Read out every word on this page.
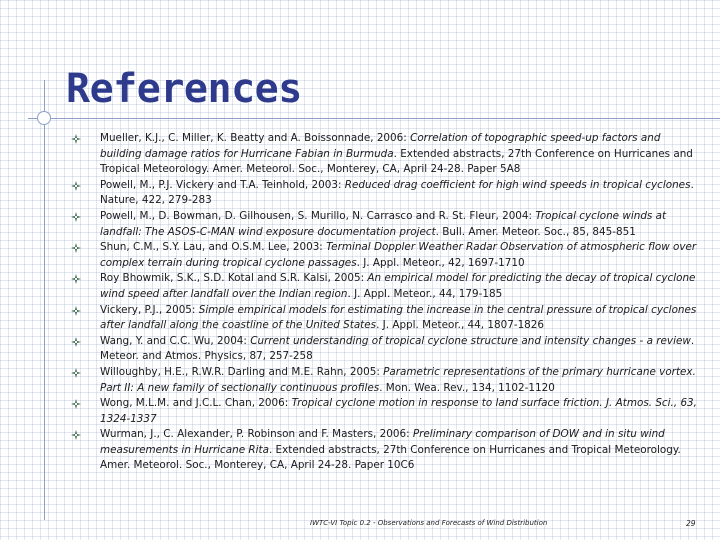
References
Mueller, K.J., C. Miller, K. Beatty and A. Boissonnade, 2006: Correlation of topographic speed-up factors and building damage ratios for Hurricane Fabian in Burmuda. Extended abstracts, 27th Conference on Hurricanes and Tropical Meteorology. Amer. Meteorol. Soc., Monterey, CA, April 24-28. Paper 5A8
Powell, M., P.J. Vickery and T.A. Teinhold, 2003: Reduced drag coefficient for high wind speeds in tropical cyclones. Nature, 422, 279-283
Powell, M., D. Bowman, D. Gilhousen, S. Murillo, N. Carrasco and R. St. Fleur, 2004: Tropical cyclone winds at landfall: The ASOS-C-MAN wind exposure documentation project. Bull. Amer. Meteor. Soc., 85, 845-851
Shun, C.M., S.Y. Lau, and O.S.M. Lee, 2003: Terminal Doppler Weather Radar Observation of atmospheric flow over complex terrain during tropical cyclone passages. J. Appl. Meteor., 42, 1697-1710
Roy Bhowmik, S.K., S.D. Kotal and S.R. Kalsi, 2005: An empirical model for predicting the decay of tropical cyclone wind speed after landfall over the Indian region. J. Appl. Meteor., 44, 179-185
Vickery, P.J., 2005: Simple empirical models for estimating the increase in the central pressure of tropical cyclones after landfall along the coastline of the United States. J. Appl. Meteor., 44, 1807-1826
Wang, Y. and C.C. Wu, 2004: Current understanding of tropical cyclone structure and intensity changes - a review. Meteor. and Atmos. Physics, 87, 257-258
Willoughby, H.E., R.W.R. Darling and M.E. Rahn, 2005: Parametric representations of the primary hurricane vortex. Part II: A new family of sectionally continuous profiles. Mon. Wea. Rev., 134, 1102-1120
Wong, M.L.M. and J.C.L. Chan, 2006: Tropical cyclone motion in response to land surface friction. J. Atmos. Sci., 63, 1324-1337
Wurman, J., C. Alexander, P. Robinson and F. Masters, 2006: Preliminary comparison of DOW and in situ wind measurements in Hurricane Rita. Extended abstracts, 27th Conference on Hurricanes and Tropical Meteorology. Amer. Meteorol. Soc., Monterey, CA, April 24-28. Paper 10C6
IWTC-VI Topic 0.2 - Observations and Forecasts of Wind Distribution	29
